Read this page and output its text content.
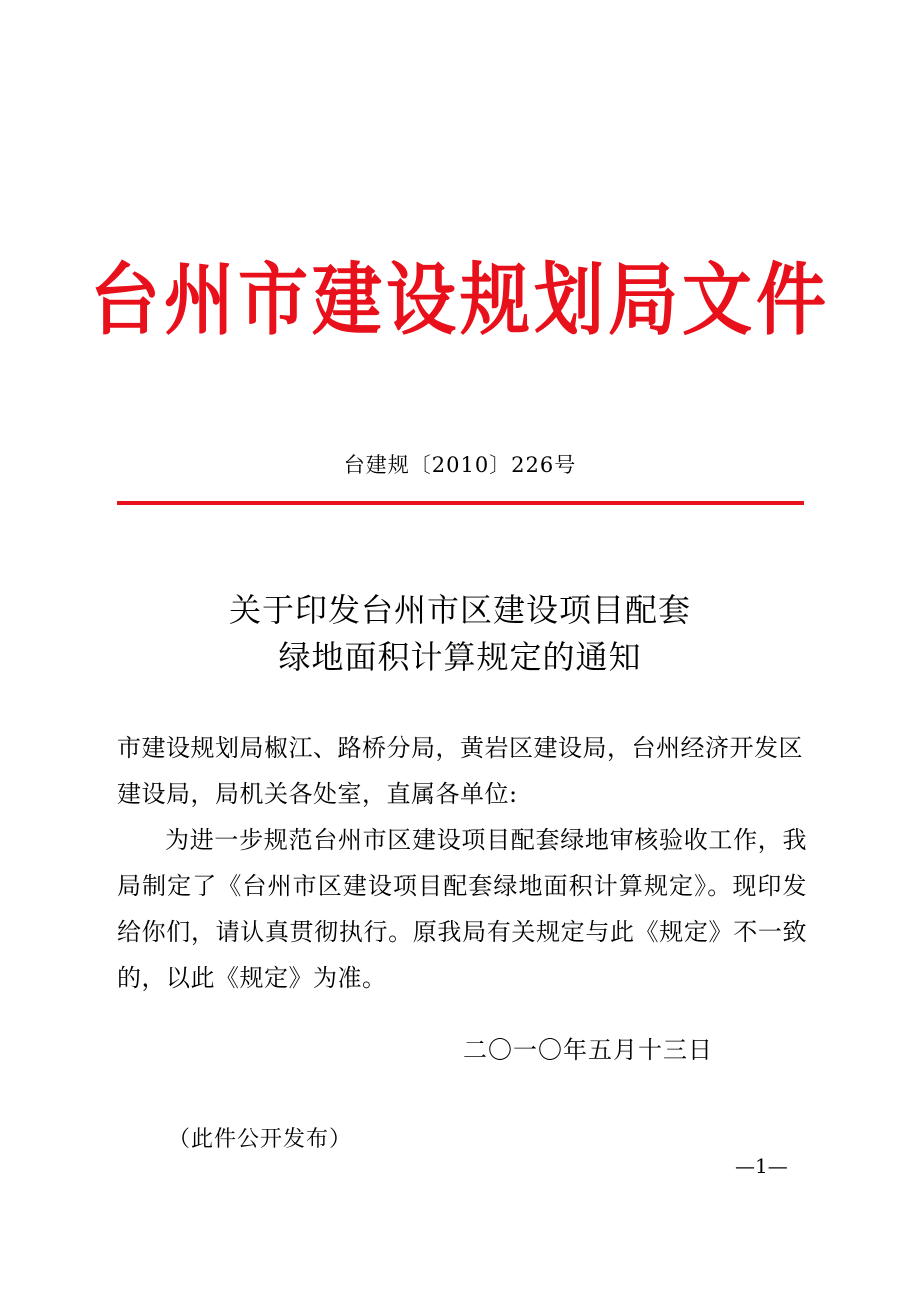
台州市建设规划局文件
台建规〔2010〕226号
关于印发台州市区建设项目配套
绿地面积计算规定的通知
市建设规划局椒江、路桥分局，黄岩区建设局，台州经济开发区建设局，局机关各处室，直属各单位:
为进一步规范台州市区建设项目配套绿地审核验收工作，我局制定了《台州市区建设项目配套绿地面积计算规定》。现印发给你们，请认真贯彻执行。原我局有关规定与此《规定》不一致的，以此《规定》为准。
二〇一〇年五月十三日
（此件公开发布）
—1—
